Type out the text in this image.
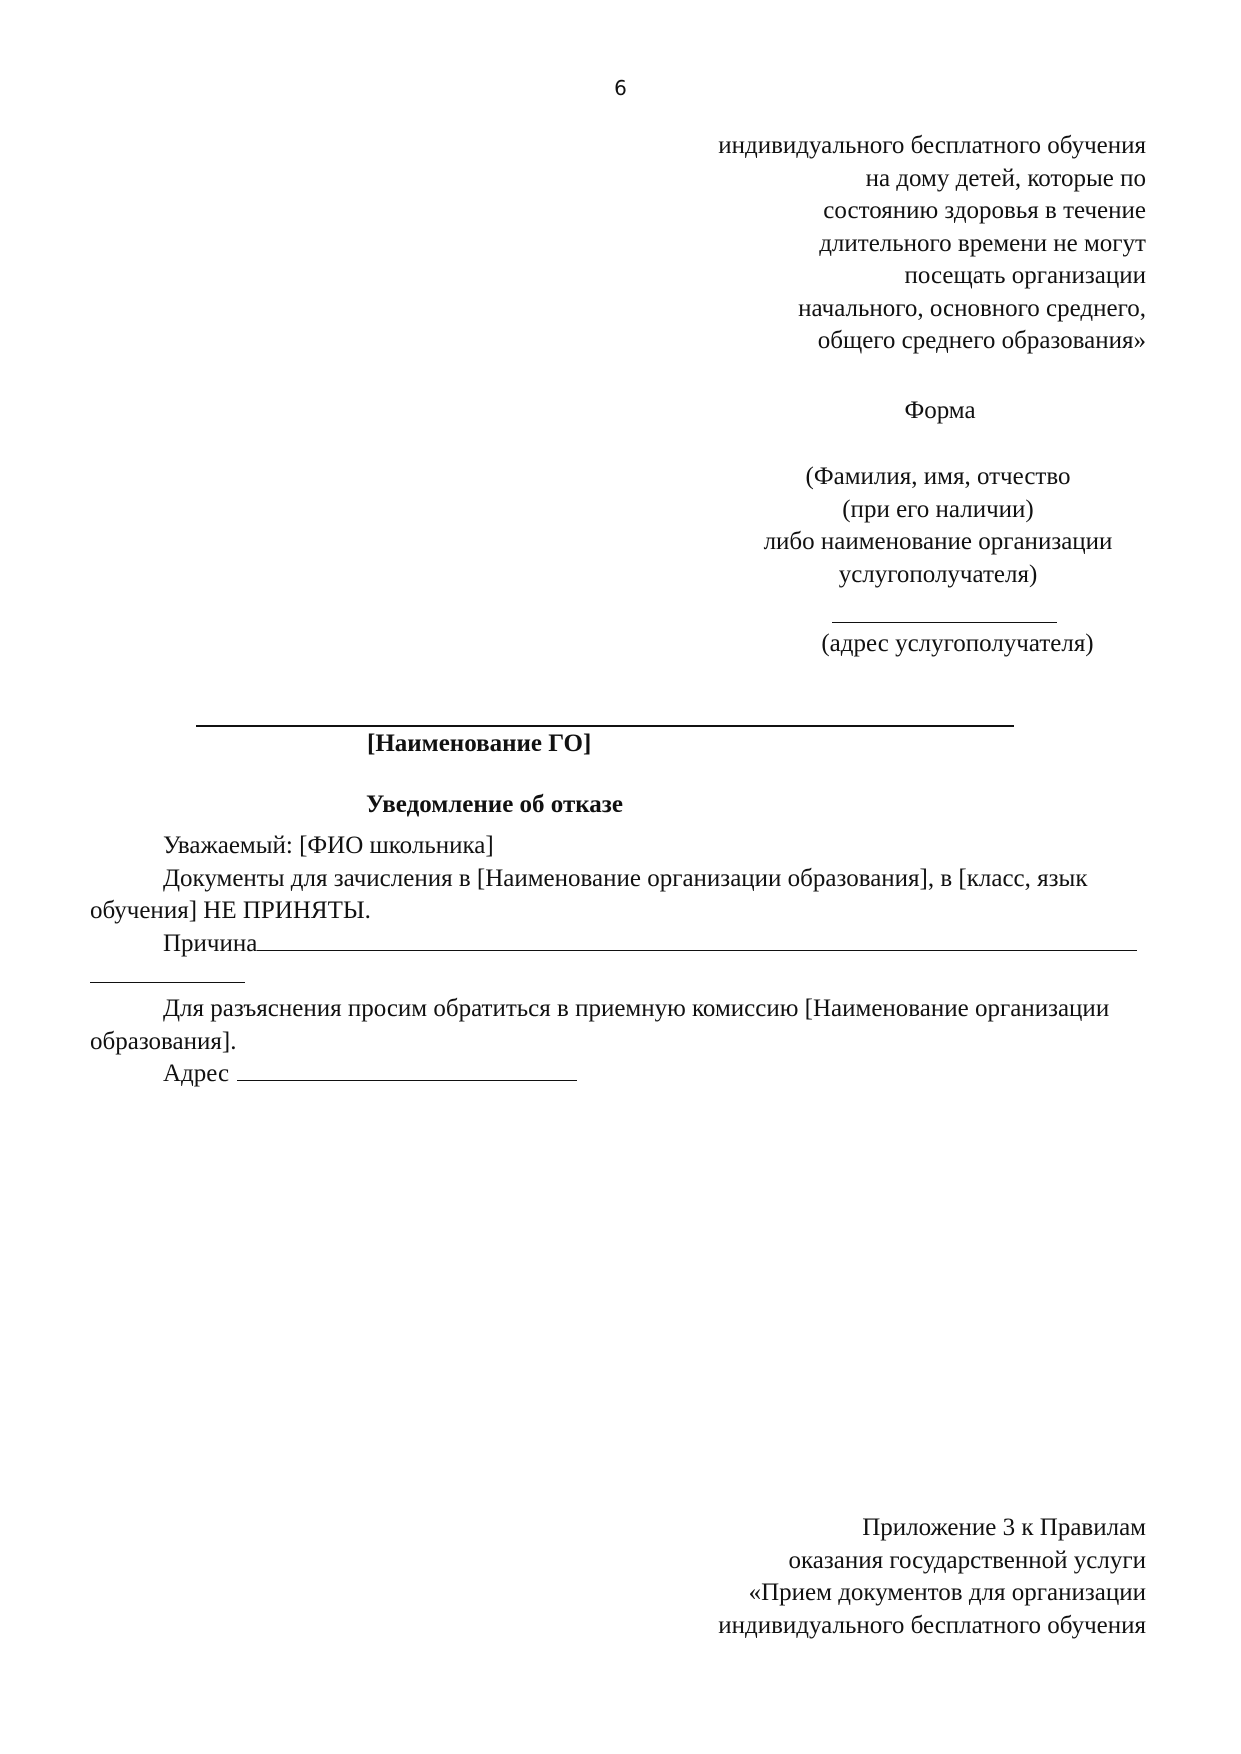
6
индивидуального бесплатного обучения
на дому детей, которые по
состоянию здоровья в течение
длительного времени не могут
посещать организации
начального, основного среднего,
общего среднего образования»
Форма
(Фамилия, имя, отчество
(при его наличии)
либо наименование организации
услугополучателя)
(адрес услугополучателя)
[Наименование ГО]
Уведомление об отказе

Уважаемый: [ФИО школьника]

Документы для зачисления в [Наименование организации образования], в [класс, язык обучения] НЕ ПРИНЯТЫ.

Причина

Для разъяснения просим обратиться в приемную комиссию [Наименование организации образования].

Адрес

Приложение 3 к Правилам
оказания государственной услуги
«Прием документов для организации
индивидуального бесплатного обучения
